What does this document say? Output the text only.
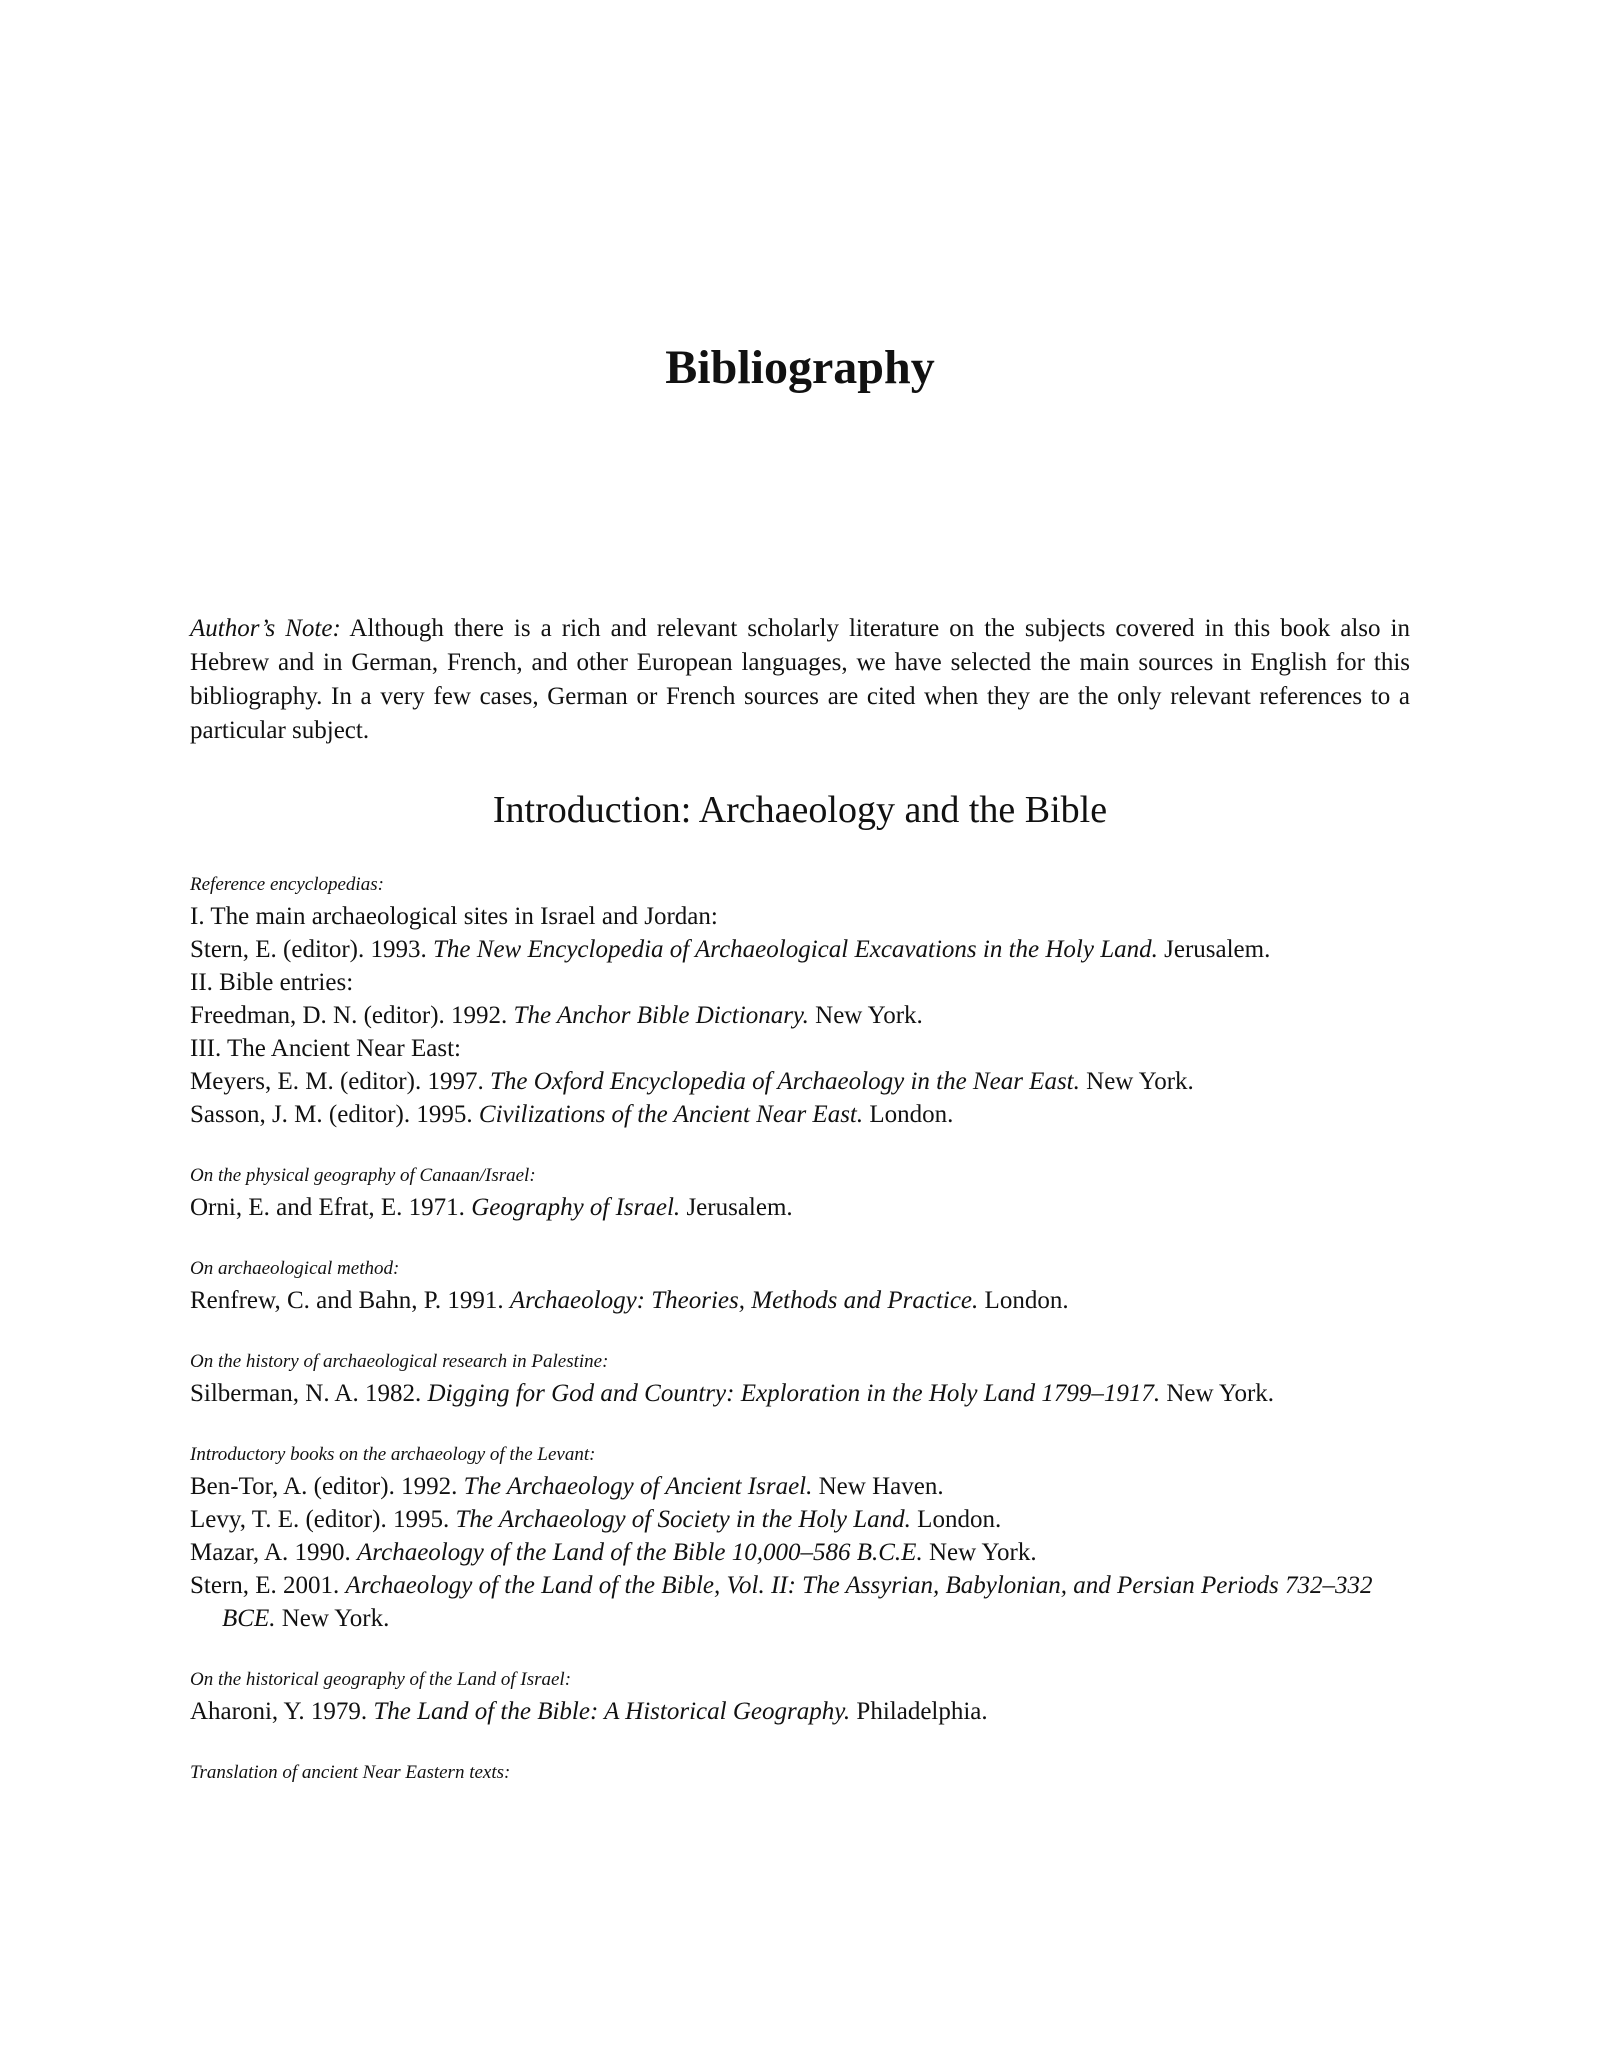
Bibliography

Author’s Note: Although there is a rich and relevant scholarly literature on the subjects covered in this book also in Hebrew and in German, French, and other European languages, we have selected the main sources in English for this bibliography. In a very few cases, German or French sources are cited when they are the only relevant references to a particular subject.

Introduction: Archaeology and the Bible

Reference encyclopedias:

I. The main archaeological sites in Israel and Jordan:

Stern, E. (editor). 1993. The New Encyclopedia of Archaeological Excavations in the Holy Land. Jerusalem.

II. Bible entries:

Freedman, D. N. (editor). 1992. The Anchor Bible Dictionary. New York.

III. The Ancient Near East:

Meyers, E. M. (editor). 1997. The Oxford Encyclopedia of Archaeology in the Near East. New York.

Sasson, J. M. (editor). 1995. Civilizations of the Ancient Near East. London.

On the physical geography of Canaan/Israel:

Orni, E. and Efrat, E. 1971. Geography of Israel. Jerusalem.

On archaeological method:

Renfrew, C. and Bahn, P. 1991. Archaeology: Theories, Methods and Practice. London.

On the history of archaeological research in Palestine:

Silberman, N. A. 1982. Digging for God and Country: Exploration in the Holy Land 1799–1917. New York.

Introductory books on the archaeology of the Levant:

Ben-Tor, A. (editor). 1992. The Archaeology of Ancient Israel. New Haven.

Levy, T. E. (editor). 1995. The Archaeology of Society in the Holy Land. London.

Mazar, A. 1990. Archaeology of the Land of the Bible 10,000–586 B.C.E. New York.

Stern, E. 2001. Archaeology of the Land of the Bible, Vol. II: The Assyrian, Babylonian, and Persian Periods 732–332 BCE. New York.

On the historical geography of the Land of Israel:

Aharoni, Y. 1979. The Land of the Bible: A Historical Geography. Philadelphia.

Translation of ancient Near Eastern texts:
